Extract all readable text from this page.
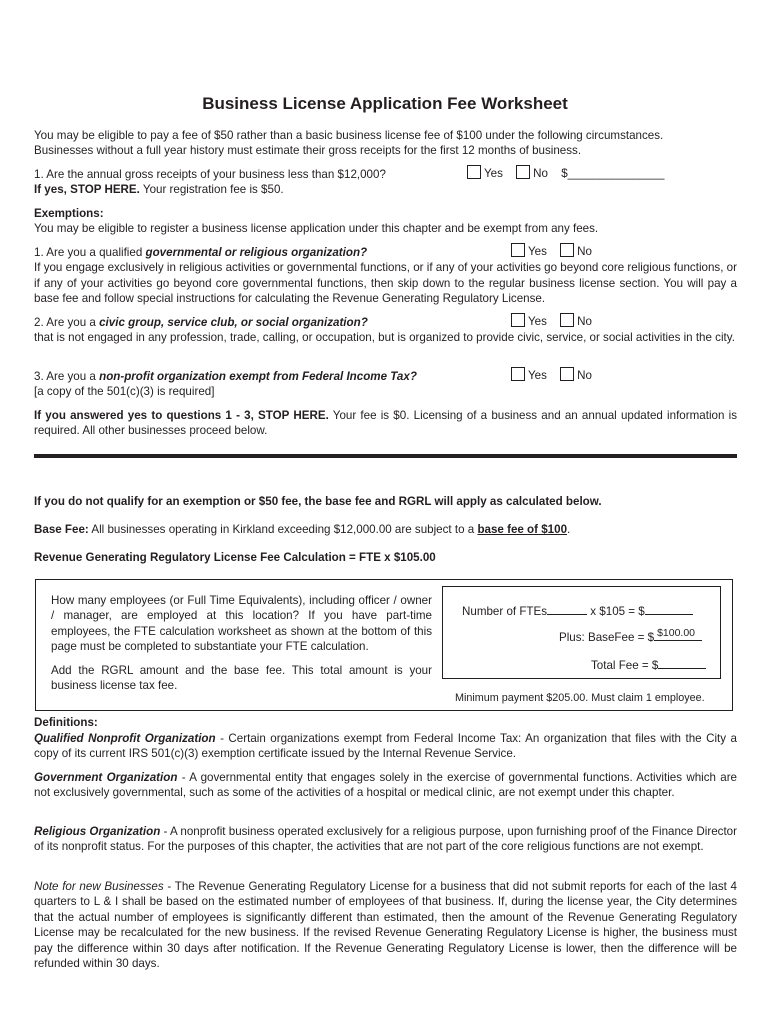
Business License Application Fee Worksheet
You may be eligible to pay a fee of $50 rather than a basic business license fee of $100 under the following circumstances.
Businesses without a full year history must estimate their gross receipts for the first 12 months of business.
1. Are the annual gross receipts of your business less than $12,000?
If yes, STOP HERE. Your registration fee is $50.
Yes	No $_______________
Exemptions:
You may be eligible to register a business license application under this chapter and be exempt from any fees.
1. Are you a qualified governmental or religious organization?
If you engage exclusively in religious activities or governmental functions, or if any of your activities go beyond core religious functions, or if any of your activities go beyond core governmental functions, then skip down to the regular business license section. You will pay a base fee and follow special instructions for calculating the Revenue Generating Regulatory License.
Yes	No
2. Are you a civic group, service club, or social organization?
that is not engaged in any profession, trade, calling, or occupation, but is organized to provide civic, service, or social activities in the city.
Yes	No
3. Are you a non-profit organization exempt from Federal Income Tax?
[a copy of the 501(c)(3) is required]
Yes	No
If you answered yes to questions 1 - 3, STOP HERE. Your fee is $0. Licensing of a business and an annual updated information is required. All other businesses proceed below.
If you do not qualify for an exemption or $50 fee, the base fee and RGRL will apply as calculated below.
Base Fee: All businesses operating in Kirkland exceeding $12,000.00 are subject to a base fee of $100.
Revenue Generating Regulatory License Fee Calculation = FTE x $105.00
How many employees (or Full Time Equivalents), including officer / owner / manager, are employed at this location? If you have part-time employees, the FTE calculation worksheet as shown at the bottom of this page must be completed to substantiate your FTE calculation.
Add the RGRL amount and the base fee. This total amount is your business license tax fee.
Number of FTEs	x $105 = $
Plus: BaseFee = $ $100.00
Total Fee = $
Minimum payment $205.00. Must claim 1 employee.
Definitions:
Qualified Nonprofit Organization - Certain organizations exempt from Federal Income Tax: An organization that files with the City a copy of its current IRS 501(c)(3) exemption certificate issued by the Internal Revenue Service.
Government Organization - A governmental entity that engages solely in the exercise of governmental functions. Activities which are not exclusively governmental, such as some of the activities of a hospital or medical clinic, are not exempt under this chapter.
Religious Organization - A nonprofit business operated exclusively for a religious purpose, upon furnishing proof of the Finance Director of its nonprofit status. For the purposes of this chapter, the activities that are not part of the core religious functions are not exempt.
Note for new Businesses - The Revenue Generating Regulatory License for a business that did not submit reports for each of the last 4 quarters to L & I shall be based on the estimated number of employees of that business. If, during the license year, the City determines that the actual number of employees is significantly different than estimated, then the amount of the Revenue Generating Regulatory License may be recalculated for the new business. If the revised Revenue Generating Regulatory License is higher, the business must pay the difference within 30 days after notification. If the Revenue Generating Regulatory License is lower, then the difference will be refunded within 30 days.
